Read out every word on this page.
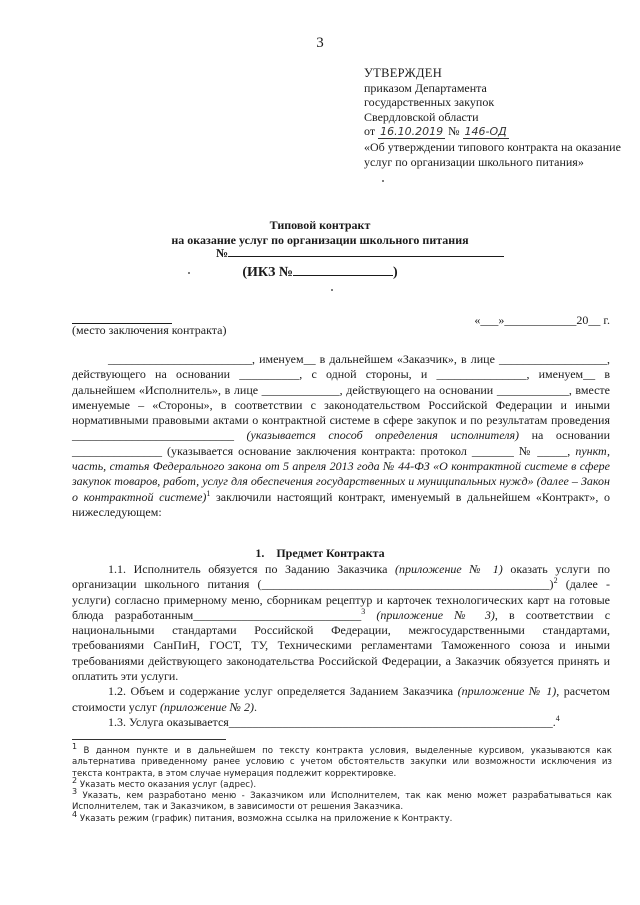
3
УТВЕРЖДЕН
приказом Департамента
государственных закупок
Свердловской области
от 16.10.2019 № 146-ОД
«Об утверждении типового контракта на оказание услуг по организации школьного питания»
Типовой контракт
на оказание услуг по организации школьного питания
№
(ИКЗ №	)
«___»____________20__ г.
(место заключения контракта)

________________________, именуем__ в дальнейшем «Заказчик», в лице __________________, действующего на основании __________, с одной стороны, и _______________, именуем__ в дальнейшем «Исполнитель», в лице _____________, действующего на основании ____________, вместе именуемые – «Стороны», в соответствии с законодательством Российской Федерации и иными нормативными правовыми актами о контрактной системе в сфере закупок и по результатам проведения ___________________________ (указывается способ определения исполнителя) на основании _______________ (указывается основание заключения контракта: протокол _______ № _____, пункт, часть, статья Федерального закона от 5 апреля 2013 года № 44-ФЗ «О контрактной системе в сфере закупок товаров, работ, услуг для обеспечения государственных и муниципальных нужд» (далее – Закон о контрактной системе)$^1$ заключили настоящий контракт, именуемый в дальнейшем «Контракт», о нижеследующем:

1.    Предмет Контракта

1.1. Исполнитель обязуется по Заданию Заказчика (приложение № 1) оказать услуги по организации школьного питания (________________________________________________)$^2$ (далее - услуги) согласно примерному меню, сборникам рецептур и карточек технологических карт на готовые блюда разработанным____________________________$^3$ (приложение № 3), в соответствии с национальными стандартами Российской Федерации, межгосударственными стандартами, требованиями СанПиН, ГОСТ, ТУ, Техническими регламентами Таможенного союза и иными требованиями действующего законодательства Российской Федерации, а Заказчик обязуется принять и оплатить эти услуги.

1.2. Объем и содержание услуг определяется Заданием Заказчика (приложение № 1), расчетом стоимости услуг (приложение № 2).

1.3. Услуга оказывается______________________________________________________.$^4$

$^1$ В данном пункте и в дальнейшем по тексту контракта условия, выделенные курсивом, указываются как альтернатива приведенному ранее условию с учетом обстоятельств закупки или возможности исключения из текста контракта, в этом случае нумерация подлежит корректировке.

$^2$ Указать место оказания услуг (адрес).

$^3$ Указать, кем разработано меню - Заказчиком или Исполнителем, так как меню может разрабатываться как Исполнителем, так и Заказчиком, в зависимости от решения Заказчика.

$^4$ Указать режим (график) питания, возможна ссылка на приложение к Контракту.
